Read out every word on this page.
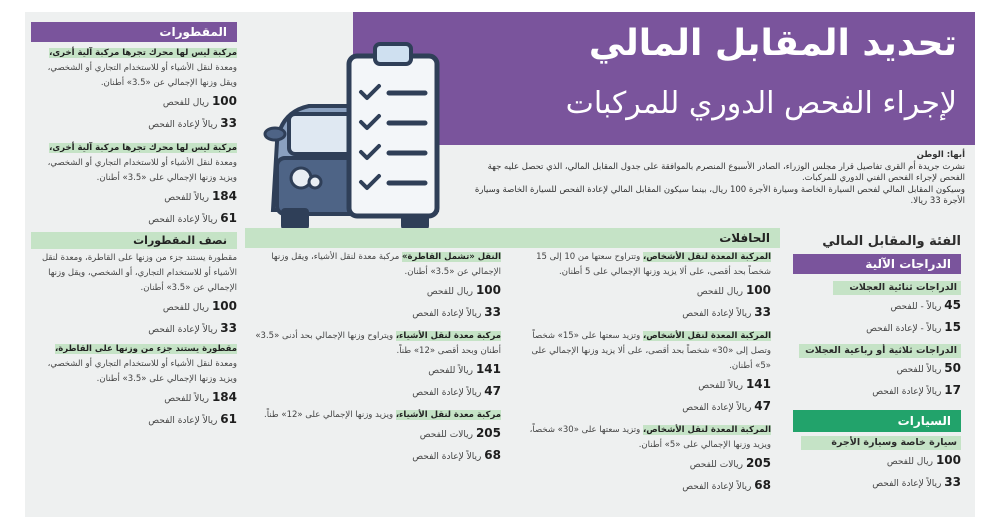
تحديد المقابل المالي
لإجراء الفحص الدوري للمركبات
أبها: الوطن
نشرت جريدة أم القرى تفاصيل قرار مجلس الوزراء، الصادر الأسبوع المنصرم بالموافقة على جدول المقابل المالي، الذي تحصل عليه جهة الفحص لإجراء الفحص الفني الدوري للمركبات.
وسيكون المقابل المالي لفحص السيارة الخاصة وسيارة الأجرة 100 ريال، بينما سيكون المقابل المالي لإعادة الفحص للسيارة الخاصة وسيارة الأجرة 33 ريالا.
الفئة والمقابل المالي
الدراجات الآلية
الدراجات ثنائية العجلات
45ريالاً - للفحص
15ريالاً - لإعادة الفحص
الدراجات ثلاثية أو رباعية العجلات
50ريالاً للفحص
17ريالاً لإعادة الفحص
السيارات
سيارة خاصة وسيارة الأجرة
100ريال للفحص
33ريالاً لإعادة الفحص
الحافلات
المركبة المعدة لنقل الأشخاص، وتتراوح سعتها من 10 إلى 15 شخصاً بحد أقصى، على ألا يزيد وزنها الإجمالي على 5 أطنان.
100ريال للفحص
33ريالاً لإعادة الفحص
المركبة المعدة لنقل الأشخاص، وتزيد سعتها على «15» شخصاً وتصل إلى «30» شخصاً بحد أقصى، على ألا يزيد وزنها الإجمالي على «5» أطنان.
141ريالاً للفحص
47ريالاً لإعادة الفحص
المركبة المعدة لنقل الأشخاص، وتزيد سعتها على «30» شخصاً، ويزيد وزنها الإجمالي على «5» أطنان.
205ريالات للفحص
68ريالاً لإعادة الفحص
النقل «تشمل القاطرة» مركبة معدة لنقل الأشياء، ويقل وزنها الإجمالي عن «3.5» أطنان.
100ريال للفحص
33ريالاً لإعادة الفحص
مركبة معدة لنقل الأشياء، ويتراوح وزنها الإجمالي بحد أدنى «3.5» أطنان وبحد أقصى «12» طناً.
141ريالاً للفحص
47ريالاً لإعادة الفحص
مركبة معدة لنقل الأشياء، ويزيد وزنها الإجمالي على «12» طناً.
205ريالات للفحص
68ريالاً لإعادة الفحص
المقطورات
مركبة ليس لها محرك تجرها مركبة آلية أخرى، ومعدة لنقل الأشياء أو للاستخدام التجاري أو الشخصي، ويقل وزنها الإجمالي عن «3.5» أطنان.
100ريال للفحص
33ريالاً لإعادة الفحص
مركبة ليس لها محرك تجرها مركبة آلية أخرى، ومعدة لنقل الأشياء أو للاستخدام التجاري أو الشخصي، ويزيد وزنها الإجمالي على «3.5» أطنان.
184ريالاً للفحص
61ريالاً لإعادة الفحص
نصف المقطورات
مقطورة يستند جزء من وزنها على القاطرة، ومعدة لنقل الأشياء أو للاستخدام التجاري، أو الشخصي، ويقل وزنها الإجمالي عن «3.5» أطنان.
100ريال للفحص
33ريالاً لإعادة الفحص
مقطورة يستند جزء من وزنها على القاطرة، ومعدة لنقل الأشياء أو للاستخدام التجاري أو الشخصي، ويزيد وزنها الإجمالي على «3.5» أطنان.
184ريالاً للفحص
61ريالاً لإعادة الفحص
